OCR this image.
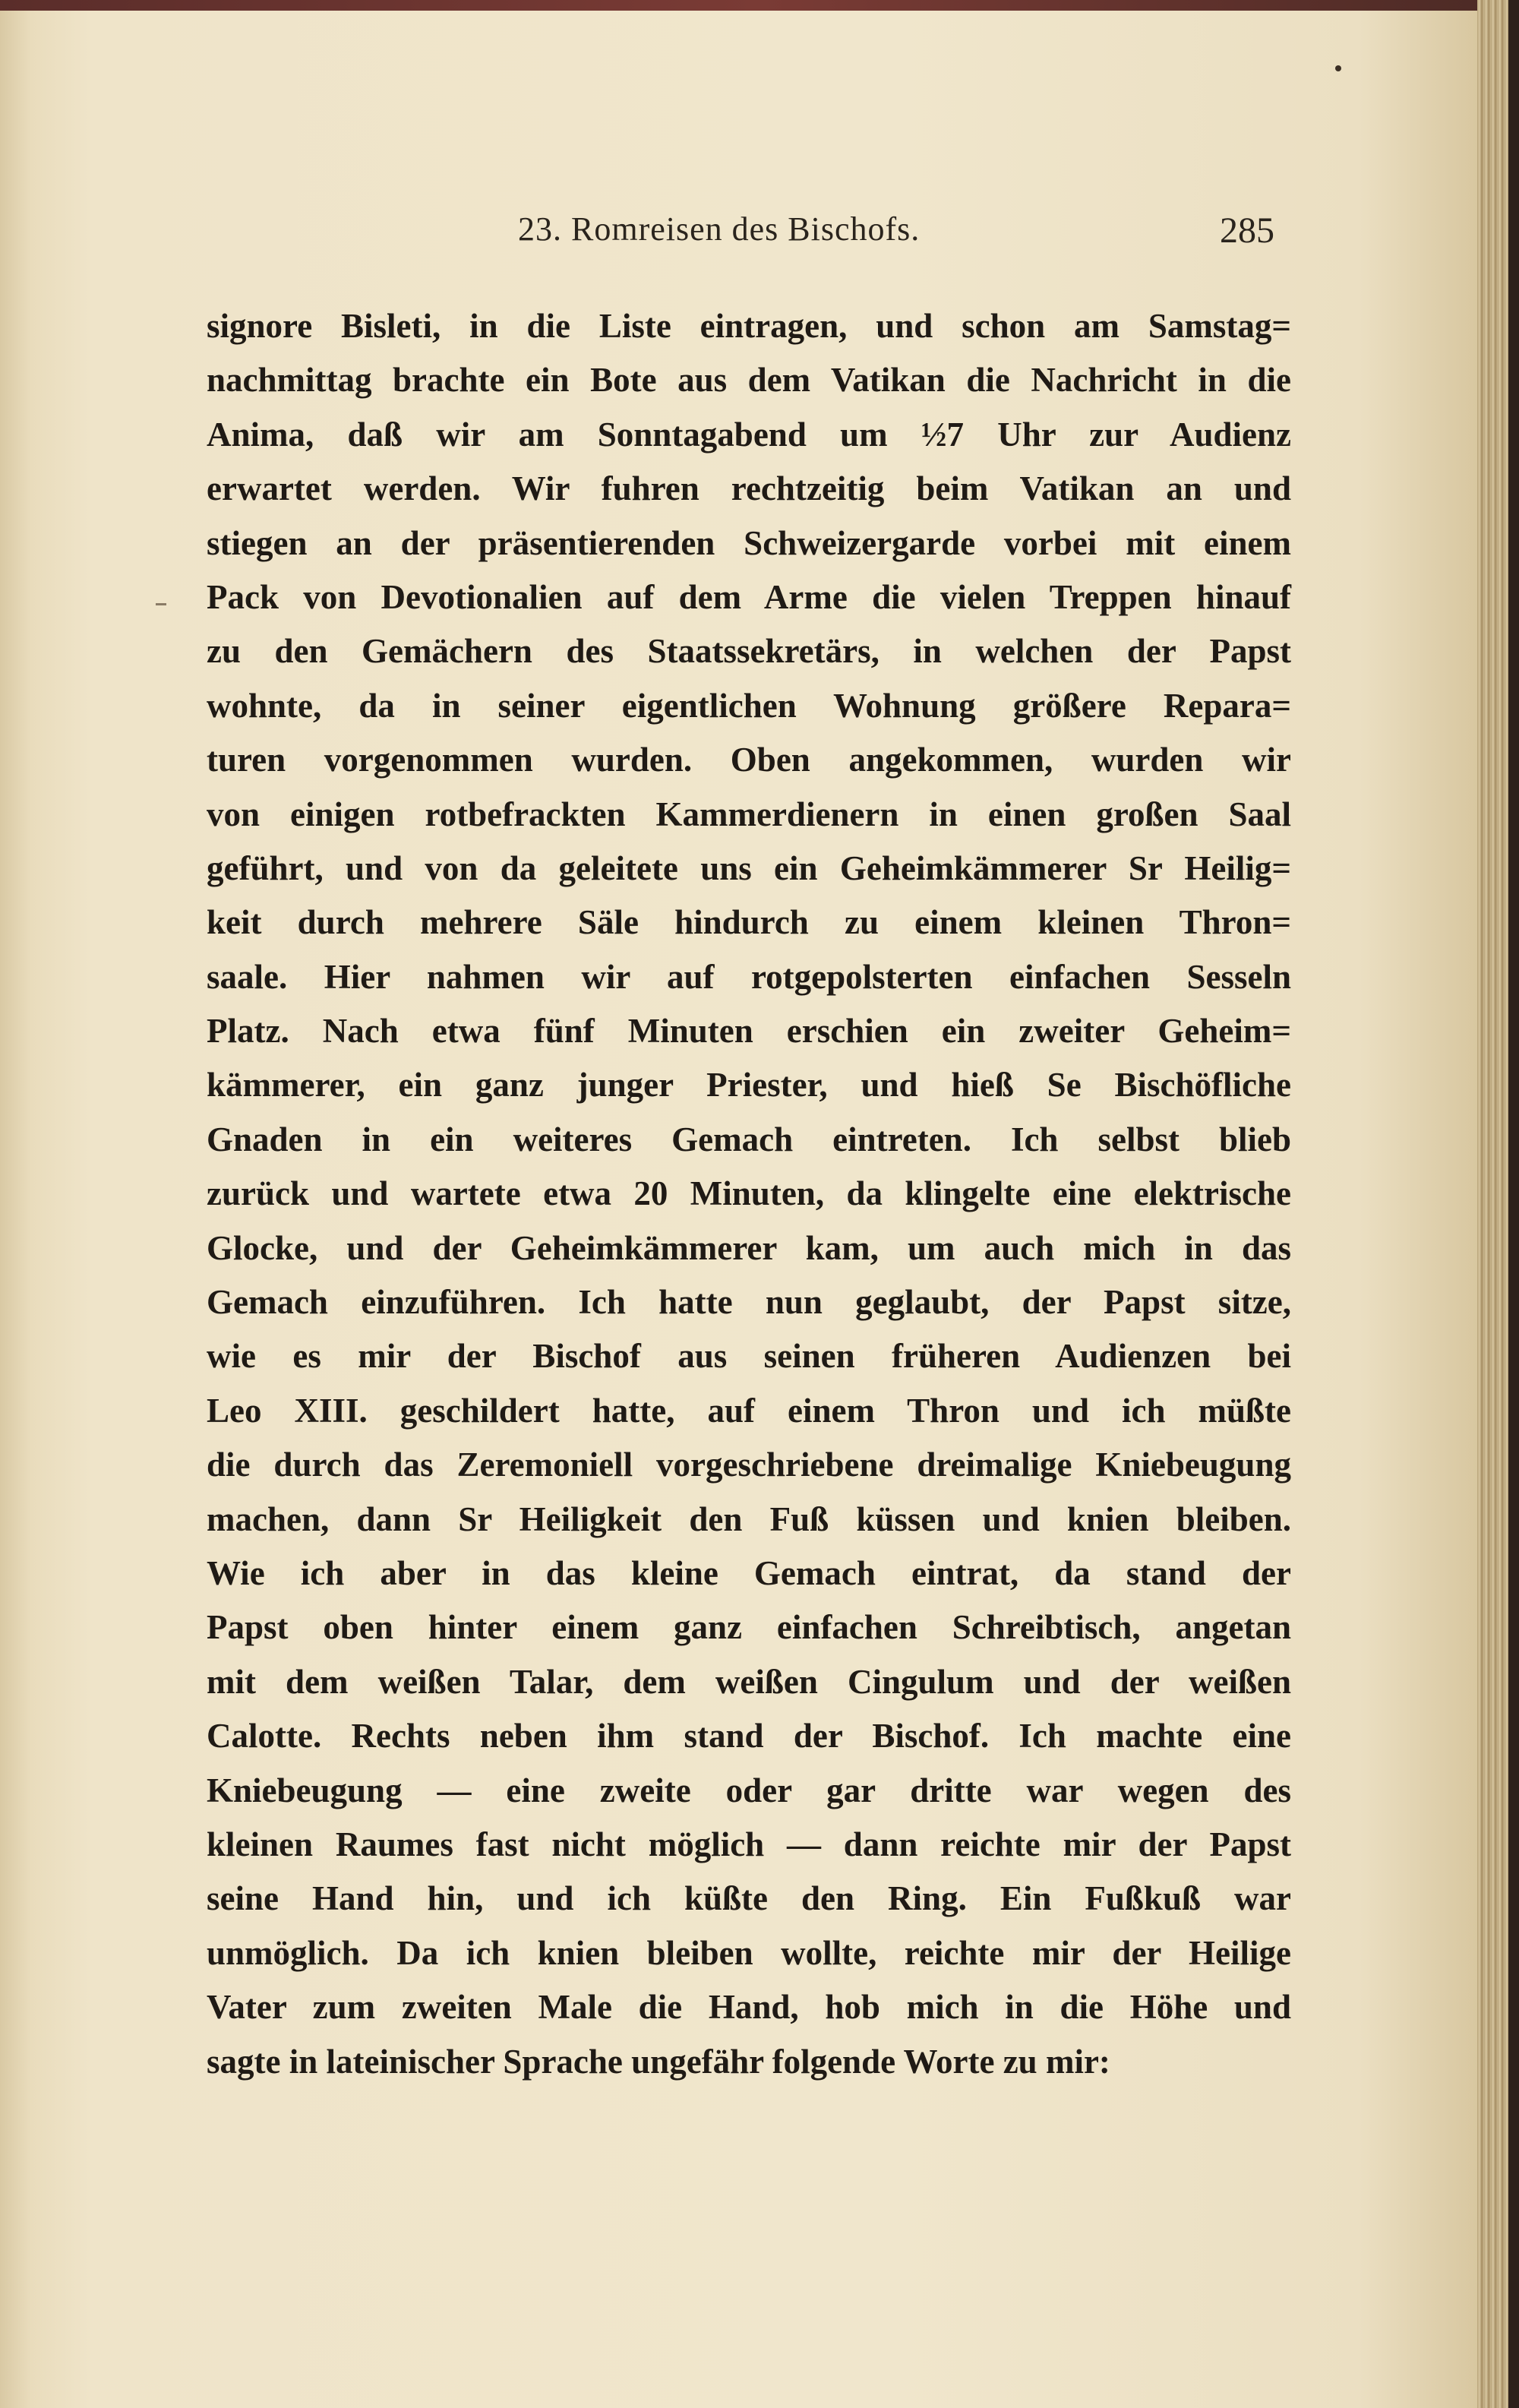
23. Romreisen des Bischofs.	285
signore Bisleti, in die Liste eintragen, und schon am Samstag=
nachmittag brachte ein Bote aus dem Vatikan die Nachricht in die
Anima, daß wir am Sonntagabend um ½7 Uhr zur Audienz
erwartet werden. Wir fuhren rechtzeitig beim Vatikan an und
stiegen an der präsentierenden Schweizergarde vorbei mit einem
Pack von Devotionalien auf dem Arme die vielen Treppen hinauf
zu den Gemächern des Staatssekretärs, in welchen der Papst
wohnte, da in seiner eigentlichen Wohnung größere Repara=
turen vorgenommen wurden. Oben angekommen, wurden wir
von einigen rotbefrackten Kammerdienern in einen großen Saal
geführt, und von da geleitete uns ein Geheimkämmerer Sr Heilig=
keit durch mehrere Säle hindurch zu einem kleinen Thron=
saale. Hier nahmen wir auf rotgepolsterten einfachen Sesseln
Platz. Nach etwa fünf Minuten erschien ein zweiter Geheim=
kämmerer, ein ganz junger Priester, und hieß Se Bischöfliche
Gnaden in ein weiteres Gemach eintreten. Ich selbst blieb
zurück und wartete etwa 20 Minuten, da klingelte eine elektrische
Glocke, und der Geheimkämmerer kam, um auch mich in das
Gemach einzuführen. Ich hatte nun geglaubt, der Papst sitze,
wie es mir der Bischof aus seinen früheren Audienzen bei
Leo XIII. geschildert hatte, auf einem Thron und ich müßte
die durch das Zeremoniell vorgeschriebene dreimalige Kniebeugung
machen, dann Sr Heiligkeit den Fuß küssen und knien bleiben.
Wie ich aber in das kleine Gemach eintrat, da stand der
Papst oben hinter einem ganz einfachen Schreibtisch, angetan
mit dem weißen Talar, dem weißen Cingulum und der weißen
Calotte. Rechts neben ihm stand der Bischof. Ich machte eine
Kniebeugung — eine zweite oder gar dritte war wegen des
kleinen Raumes fast nicht möglich — dann reichte mir der Papst
seine Hand hin, und ich küßte den Ring. Ein Fußkuß war
unmöglich. Da ich knien bleiben wollte, reichte mir der Heilige
Vater zum zweiten Male die Hand, hob mich in die Höhe und
sagte in lateinischer Sprache ungefähr folgende Worte zu mir:
